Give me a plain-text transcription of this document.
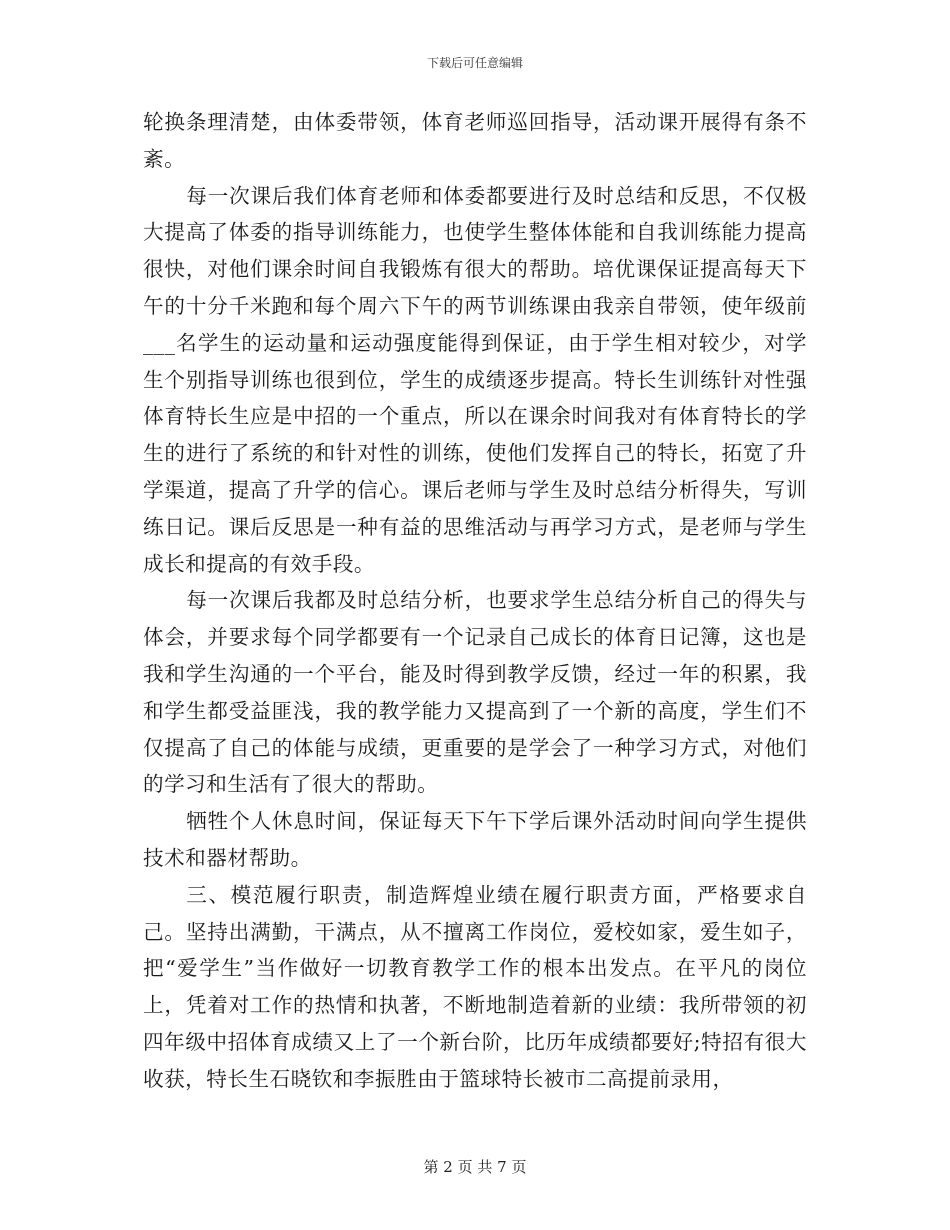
下载后可任意编辑

轮换条理清楚，由体委带领，体育老师巡回指导，活动课开展得有条不紊。

每一次课后我们体育老师和体委都要进行及时总结和反思，不仅极大提高了体委的指导训练能力，也使学生整体体能和自我训练能力提高很快，对他们课余时间自我锻炼有很大的帮助。培优课保证提高每天下午的十分千米跑和每个周六下午的两节训练课由我亲自带领，使年级前___名学生的运动量和运动强度能得到保证，由于学生相对较少，对学生个别指导训练也很到位，学生的成绩逐步提高。特长生训练针对性强体育特长生应是中招的一个重点，所以在课余时间我对有体育特长的学生的进行了系统的和针对性的训练，使他们发挥自己的特长，拓宽了升学渠道，提高了升学的信心。课后老师与学生及时总结分析得失，写训练日记。课后反思是一种有益的思维活动与再学习方式，是老师与学生成长和提高的有效手段。

每一次课后我都及时总结分析，也要求学生总结分析自己的得失与体会，并要求每个同学都要有一个记录自己成长的体育日记簿，这也是我和学生沟通的一个平台，能及时得到教学反馈，经过一年的积累，我和学生都受益匪浅，我的教学能力又提高到了一个新的高度，学生们不仅提高了自己的体能与成绩，更重要的是学会了一种学习方式，对他们的学习和生活有了很大的帮助。

牺牲个人休息时间，保证每天下午下学后课外活动时间向学生提供技术和器材帮助。

三、模范履行职责，制造辉煌业绩在履行职责方面，严格要求自己。坚持出满勤，干满点，从不擅离工作岗位，爱校如家，爱生如子，把“爱学生”当作做好一切教育教学工作的根本出发点。在平凡的岗位上，凭着对工作的热情和执著，不断地制造着新的业绩：我所带领的初四年级中招体育成绩又上了一个新台阶，比历年成绩都要好;特招有很大收获，特长生石晓钦和李振胜由于篮球特长被市二高提前录用，

第 2 页 共 7 页
